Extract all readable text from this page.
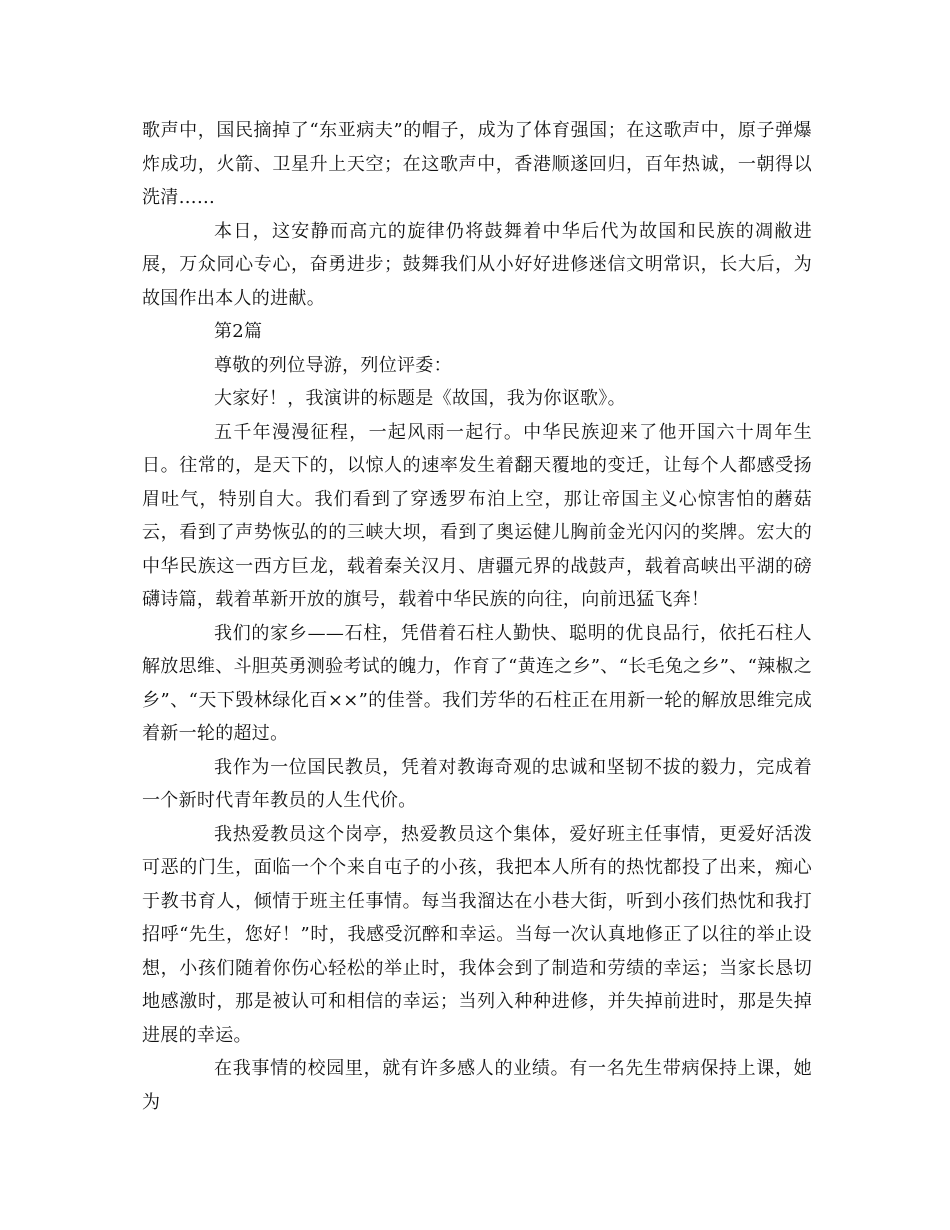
歌声中，国民摘掉了“东亚病夫”的帽子，成为了体育强国；在这歌声中，原子弹爆炸成功，火箭、卫星升上天空；在这歌声中，香港顺遂回归，百年热诚，一朝得以洗清……

本日，这安静而高亢的旋律仍将鼓舞着中华后代为故国和民族的凋敝进展，万众同心专心，奋勇进步；鼓舞我们从小好好进修迷信文明常识，长大后，为故国作出本人的进献。

第2篇

尊敬的列位导游，列位评委：

大家好！，我演讲的标题是《故国，我为你讴歌》。

五千年漫漫征程，一起风雨一起行。中华民族迎来了他开国六十周年生日。往常的，是天下的，以惊人的速率发生着翻天覆地的变迁，让每个人都感受扬眉吐气，特别自大。我们看到了穿透罗布泊上空，那让帝国主义心惊害怕的蘑菇云，看到了声势恢弘的的三峡大坝，看到了奥运健儿胸前金光闪闪的奖牌。宏大的中华民族这一西方巨龙，载着秦关汉月、唐疆元界的战鼓声，载着高峡出平湖的磅礴诗篇，载着革新开放的旗号，载着中华民族的向往，向前迅猛飞奔！

我们的家乡——石柱，凭借着石柱人勤快、聪明的优良品行，依托石柱人解放思维、斗胆英勇测验考试的魄力，作育了“黄连之乡”、“长毛兔之乡”、“辣椒之乡”、“天下毁林绿化百××”的佳誉。我们芳华的石柱正在用新一轮的解放思维完成着新一轮的超过。

我作为一位国民教员，凭着对教诲奇观的忠诚和坚韧不拔的毅力，完成着一个新时代青年教员的人生代价。

我热爱教员这个岗亭，热爱教员这个集体，爱好班主任事情，更爱好活泼可恶的门生，面临一个个来自屯子的小孩，我把本人所有的热忱都投了出来，痴心于教书育人，倾情于班主任事情。每当我溜达在小巷大街，听到小孩们热忱和我打招呼“先生，您好！”时，我感受沉醉和幸运。当每一次认真地修正了以往的举止设想，小孩们随着你伤心轻松的举止时，我体会到了制造和劳绩的幸运；当家长恳切地感激时，那是被认可和相信的幸运；当列入种种进修，并失掉前进时，那是失掉进展的幸运。

在我事情的校园里，就有许多感人的业绩。有一名先生带病保持上课，她为
